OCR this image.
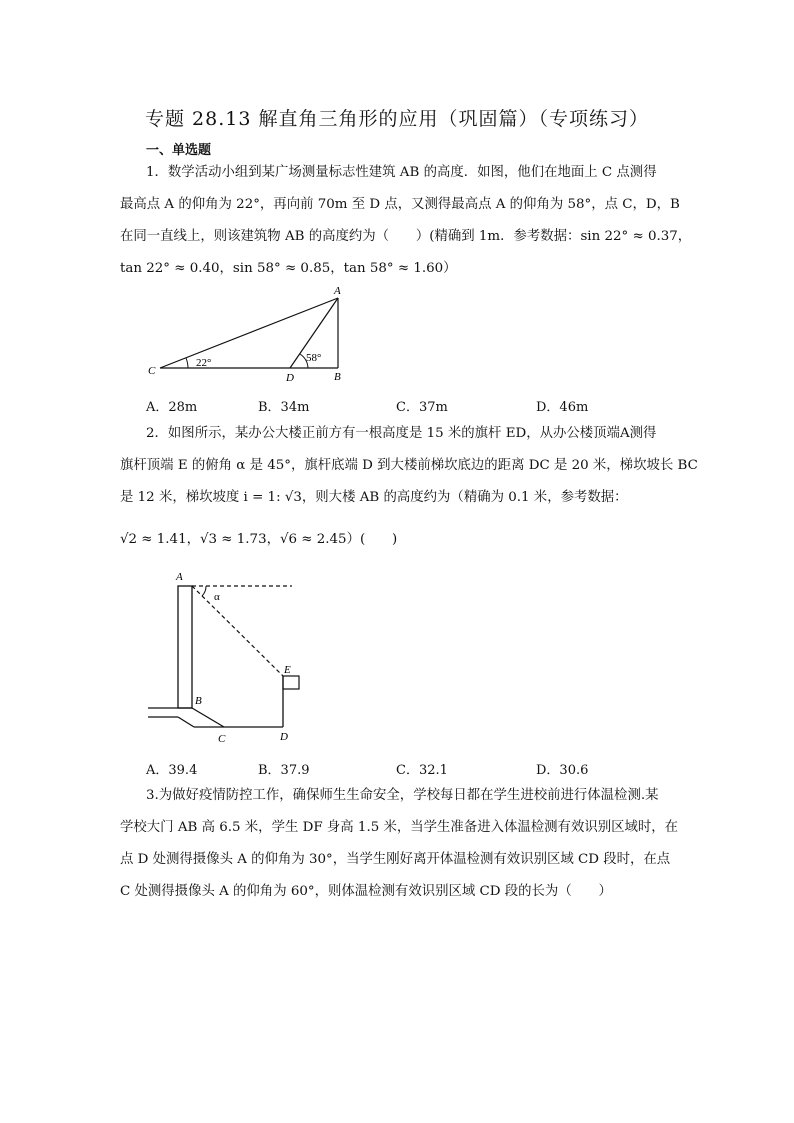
专题 28.13 解直角三角形的应用（巩固篇）（专项练习）
一、单选题
1．数学活动小组到某广场测量标志性建筑 AB 的高度．如图，他们在地面上 C 点测得
最高点 A 的仰角为 22°，再向前 70m 至 D 点，又测得最高点 A 的仰角为 58°，点 C，D，B
在同一直线上，则该建筑物 AB 的高度约为（　　）(精确到 1m．参考数据：sin 22° ≈ 0.37，
tan 22° ≈ 0.40，sin 58° ≈ 0.85，tan 58° ≈ 1.60）
A
B
C
D
22°	58°
A．28m	B．34m	C．37m	D．46m
2．如图所示，某办公大楼正前方有一根高度是 15 米的旗杆 ED，从办公楼顶端A测得
旗杆顶端 E 的俯角 α 是 45°，旗杆底端 D 到大楼前梯坎底边的距离 DC 是 20 米，梯坎坡长 BC
是 12 米，梯坎坡度 i = 1: √3，则大楼 AB 的高度约为（精确为 0.1 米，参考数据：
√2 ≈ 1.41，√3 ≈ 1.73，√6 ≈ 2.45）(　　)
A
B
C	D
E
α
A．39.4	B．37.9	C．32.1	D．30.6
3.为做好疫情防控工作，确保师生生命安全，学校每日都在学生进校前进行体温检测.某
学校大门 AB 高 6.5 米，学生 DF 身高 1.5 米，当学生准备进入体温检测有效识别区域时，在
点 D 处测得摄像头 A 的仰角为 30°，当学生刚好离开体温检测有效识别区域 CD 段时，在点
C 处测得摄像头 A 的仰角为 60°，则体温检测有效识别区域 CD 段的长为（　　）
